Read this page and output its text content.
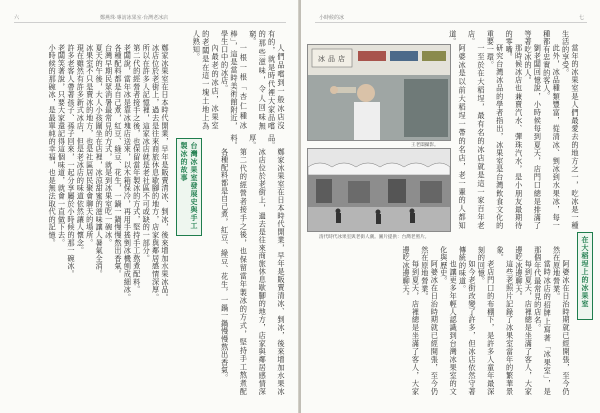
鄭燕珠·專訪冰果室·台灣老冰店
六

人們品嚐到一般冰店沒有的，就是時代裡大家品嚐的那些滋味，令人回味無窮。

一根一根「杏仁種冰棒」，這是當時美術館附近，學生口中的冰店。

內最老的冰店，冰果室的老闆是在這一塊土地上為人熟知。

台灣冰果室發展史與手工製冰的故事

鄭家冰果室在日本時代開業，早年是販賣清冰、剉冰，後來增加水果冰品。

冰店位於老街上，過去是往來商旅休息歇腳的地方，店家與鄰居感情深厚。

所以在許多人記憶裡，這家冰店就是老社區不可或缺的一部分。

第二代的經營者接手之後，也保留當年製冰的方式，堅持手工熬煮配料。

老闆說，當年冰是靠冰塊店送來，以木箱保冷，再用手搖剉冰機刨成細冰。

各種配料都是自己煮，紅豆、綠豆、花生，一鍋一鍋慢慢熬出香氣。

台灣早期民眾消暑最常見的方式，就是到冰果室吃一碗冰。

夏天的午後，大人小孩圍坐在店裡，冰涼甜蜜的滋味讓人暑氣全消。

冰果室不只是賣冰的地方，也是社區居民聚會聊天的場所。

現在雖然有許多新式冰店，但是老冰店的味道依然讓人懷念。

許多老客人帶著孩子、孫子回來，一起分享屬於小時候的那一碗冰。

老闆笑著說，只要大家還記得這個味道，就會一直做下去。

小時候的那碗冰，是最單純的幸福，也是無法取代的記憶。

鄭家冰果室在日本時代開業，早年是販賣清冰、剉冰，後來增加水果冰品。

冰店位於老街上，過去是往來商旅休息歇腳的地方，店家與鄰居感情深厚。

第二代的經營者接手之後，也保留當年製冰的方式，堅持手工熬煮配料。

各種配料都是自己煮，紅豆、綠豆、花生，一鍋一鍋慢慢熬出香氣。

小時候的冰	七
冰 品 店
王老闆攝影。
清代時代冰果室與老街人潮。圖片提供：台灣老照片。

當年的冰果室是人們最愛去的地方之一，吃冰是一種生活的享受。

此外，冰品種類豐富，從清冰、剉冰到水果冰，每一種都有忠實的客人。

劉老闆回憶說，小時候每到夏天，店門口總是排滿了等著吃冰的人。

那時候冰店也兼賣汽水、彈珠汽水，是小朋友最期待的零嘴。

研究台灣冰品的學者指出，冰果室是台灣飲食文化的重要一環。

一至於在大稻埕，最有名的冰店就是這一家百年老店。

阿婆冰是以前大稻埕一帶的名店，老一輩的人都知道。

在大稻埕上的冰果室

阿婆冰在日治時期就已經開張，至今仍然在原地營業。

當時冰店的招牌上寫著「冰果室」，是那個年代最常見的店名。

每到夏天，店裡總是坐滿了客人，大家邊吃冰邊聊天。

這些老照片記錄了冰果室當年的繁華景象。

老店門口的布棚下，是許多人童年最深刻的回憶。

如今老街改變了許多，但冰店依然守著傳統的味道。

也讓更多年輕人認識到台灣冰果室的文化與歷史。

阿婆冰在日治時期就已經開張，至今仍然在原地營業。

每到夏天，店裡總是坐滿了客人，大家邊吃冰邊聊天。
